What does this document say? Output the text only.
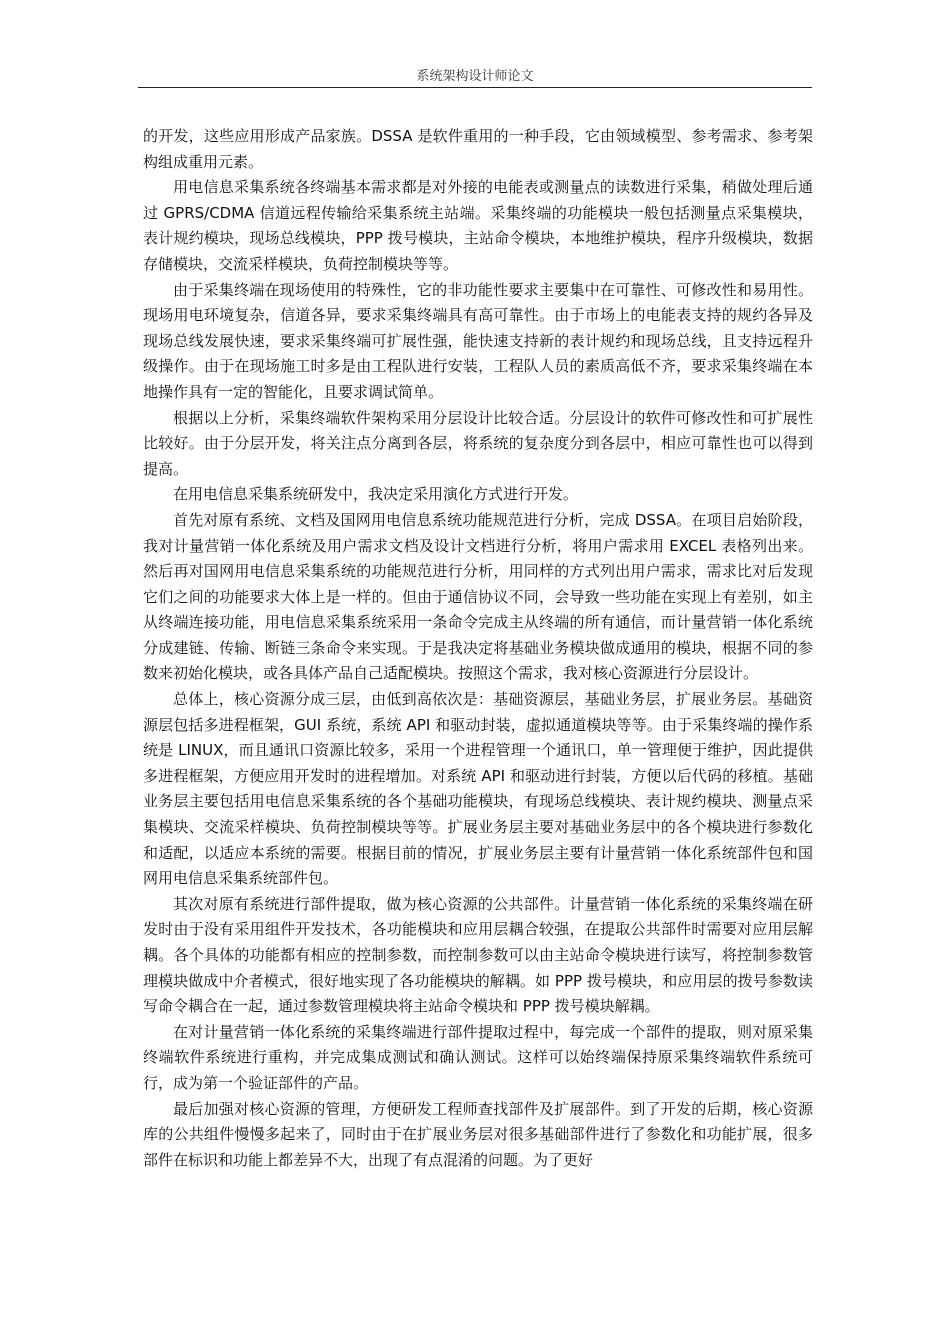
系统架构设计师论文

的开发，这些应用形成产品家族。DSSA 是软件重用的一种手段，它由领域模型、参考需求、参考架构组成重用元素。

用电信息采集系统各终端基本需求都是对外接的电能表或测量点的读数进行采集，稍做处理后通过 GPRS/CDMA 信道远程传输给采集系统主站端。采集终端的功能模块一般包括测量点采集模块，表计规约模块，现场总线模块，PPP 拨号模块，主站命令模块，本地维护模块，程序升级模块，数据存储模块，交流采样模块，负荷控制模块等等。

由于采集终端在现场使用的特殊性，它的非功能性要求主要集中在可靠性、可修改性和易用性。现场用电环境复杂，信道各异，要求采集终端具有高可靠性。由于市场上的电能表支持的规约各异及现场总线发展快速，要求采集终端可扩展性强，能快速支持新的表计规约和现场总线，且支持远程升级操作。由于在现场施工时多是由工程队进行安装，工程队人员的素质高低不齐，要求采集终端在本地操作具有一定的智能化，且要求调试简单。

根据以上分析，采集终端软件架构采用分层设计比较合适。分层设计的软件可修改性和可扩展性比较好。由于分层开发，将关注点分离到各层，将系统的复杂度分到各层中，相应可靠性也可以得到提高。

在用电信息采集系统研发中，我决定采用演化方式进行开发。

首先对原有系统、文档及国网用电信息系统功能规范进行分析，完成 DSSA。在项目启始阶段，我对计量营销一体化系统及用户需求文档及设计文档进行分析，将用户需求用 EXCEL 表格列出来。然后再对国网用电信息采集系统的功能规范进行分析，用同样的方式列出用户需求，需求比对后发现它们之间的功能要求大体上是一样的。但由于通信协议不同，会导致一些功能在实现上有差别，如主从终端连接功能，用电信息采集系统采用一条命令完成主从终端的所有通信，而计量营销一体化系统分成建链、传输、断链三条命令来实现。于是我决定将基础业务模块做成通用的模块，根据不同的参数来初始化模块，或各具体产品自己适配模块。按照这个需求，我对核心资源进行分层设计。

总体上，核心资源分成三层，由低到高依次是：基础资源层，基础业务层，扩展业务层。基础资源层包括多进程框架，GUI 系统，系统 API 和驱动封装，虚拟通道模块等等。由于采集终端的操作系统是 LINUX，而且通讯口资源比较多，采用一个进程管理一个通讯口，单一管理便于维护，因此提供多进程框架，方便应用开发时的进程增加。对系统 API 和驱动进行封装，方便以后代码的移植。基础业务层主要包括用电信息采集系统的各个基础功能模块，有现场总线模块、表计规约模块、测量点采集模块、交流采样模块、负荷控制模块等等。扩展业务层主要对基础业务层中的各个模块进行参数化和适配，以适应本系统的需要。根据目前的情况，扩展业务层主要有计量营销一体化系统部件包和国网用电信息采集系统部件包。

其次对原有系统进行部件提取，做为核心资源的公共部件。计量营销一体化系统的采集终端在研发时由于没有采用组件开发技术，各功能模块和应用层耦合较强，在提取公共部件时需要对应用层解耦。各个具体的功能都有相应的控制参数，而控制参数可以由主站命令模块进行读写，将控制参数管理模块做成中介者模式，很好地实现了各功能模块的解耦。如 PPP 拨号模块，和应用层的拨号参数读写命令耦合在一起，通过参数管理模块将主站命令模块和 PPP 拨号模块解耦。

在对计量营销一体化系统的采集终端进行部件提取过程中，每完成一个部件的提取，则对原采集终端软件系统进行重构，并完成集成测试和确认测试。这样可以始终端保持原采集终端软件系统可行，成为第一个验证部件的产品。

最后加强对核心资源的管理，方便研发工程师查找部件及扩展部件。到了开发的后期，核心资源库的公共组件慢慢多起来了，同时由于在扩展业务层对很多基础部件进行了参数化和功能扩展，很多部件在标识和功能上都差异不大，出现了有点混淆的问题。为了更好
